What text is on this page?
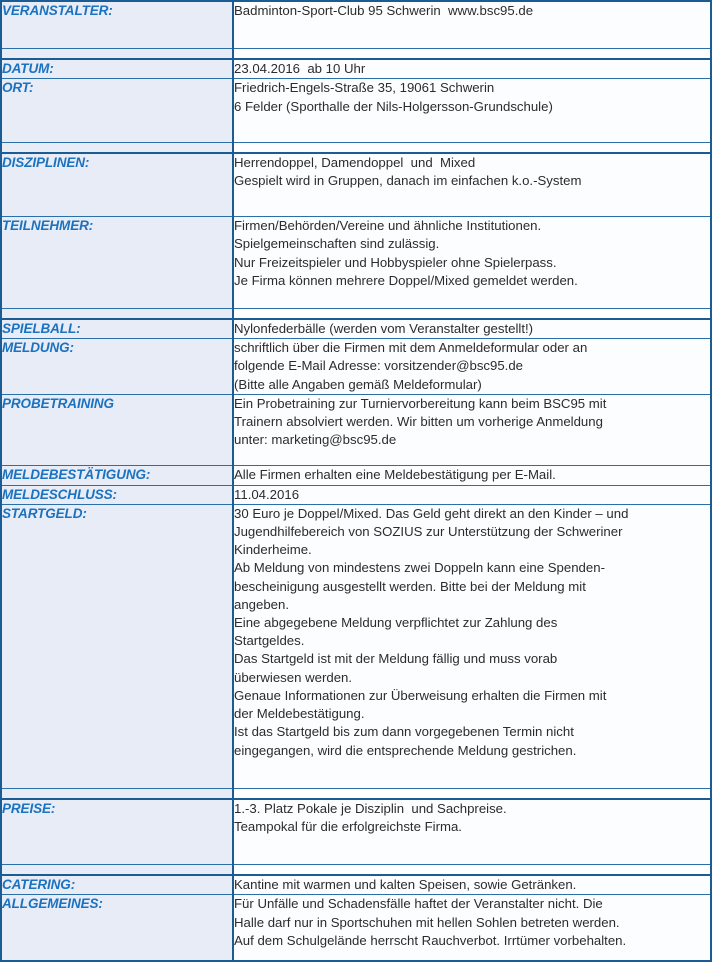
VERANSTALTER:	Badminton-Sport-Club 95 Schwerin  www.bsc95.de

DATUM:	23.04.2016  ab 10 Uhr

ORT:	Friedrich-Engels-Straße 35, 19061 Schwerin
6 Felder (Sporthalle der Nils-Holgersson-Grundschule)

DISZIPLINEN:	Herrendoppel, Damendoppel  und  Mixed
Gespielt wird in Gruppen, danach im einfachen k.o.-System

TEILNEHMER:	Firmen/Behörden/Vereine und ähnliche Institutionen.
Spielgemeinschaften sind zulässig.
Nur Freizeitspieler und Hobbyspieler ohne Spielerpass.
Je Firma können mehrere Doppel/Mixed gemeldet werden.

SPIELBALL:	Nylonfederbälle (werden vom Veranstalter gestellt!)

MELDUNG:	schriftlich über die Firmen mit dem Anmeldeformular oder an
folgende E-Mail Adresse: vorsitzender@bsc95.de
(Bitte alle Angaben gemäß Meldeformular)

PROBETRAINING	Ein Probetraining zur Turniervorbereitung kann beim BSC95 mit
Trainern absolviert werden. Wir bitten um vorherige Anmeldung
unter: marketing@bsc95.de

MELDEBESTÄTIGUNG:	Alle Firmen erhalten eine Meldebestätigung per E-Mail.

MELDESCHLUSS:	11.04.2016

STARTGELD:	30 Euro je Doppel/Mixed. Das Geld geht direkt an den Kinder – und
Jugendhilfebereich von SOZIUS zur Unterstützung der Schweriner
Kinderheime.
Ab Meldung von mindestens zwei Doppeln kann eine Spenden-
bescheinigung ausgestellt werden. Bitte bei der Meldung mit
angeben.
Eine abgegebene Meldung verpflichtet zur Zahlung des
Startgeldes.
Das Startgeld ist mit der Meldung fällig und muss vorab
überwiesen werden.
Genaue Informationen zur Überweisung erhalten die Firmen mit
der Meldebestätigung.
Ist das Startgeld bis zum dann vorgegebenen Termin nicht
eingegangen, wird die entsprechende Meldung gestrichen.

PREISE:	1.-3. Platz Pokale je Disziplin  und Sachpreise.
Teampokal für die erfolgreichste Firma.

CATERING:	Kantine mit warmen und kalten Speisen, sowie Getränken.

ALLGEMEINES:	Für Unfälle und Schadensfälle haftet der Veranstalter nicht. Die
Halle darf nur in Sportschuhen mit hellen Sohlen betreten werden.
Auf dem Schulgelände herrscht Rauchverbot. Irrtümer vorbehalten.
